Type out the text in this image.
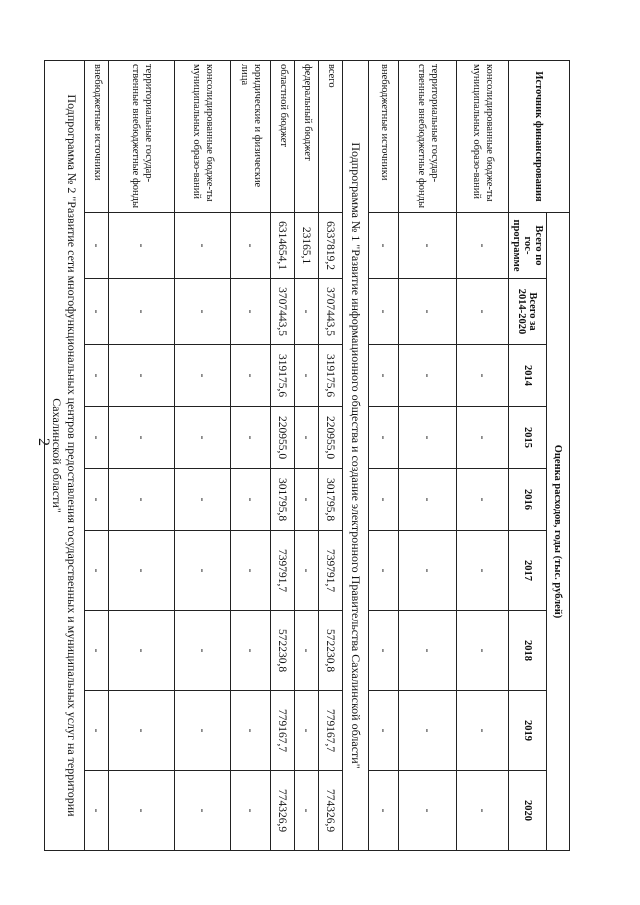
2
Источник финансирования	Оценка расходов, годы (тыс. рублей)								
	Всего по гос-программе	Всего за 2014-2020	2014	2015	2016	2017	2018	2019	2020
консолидированные бюдже-ты муниципальных образо-ваний	-	-	-	-	-	-	-	-	-
территориальные государ-ственные внебюджетные фонды	-	-	-	-	-	-	-	-	-
внебюджетные источники	-	-	-	-	-	-	-	-	-
Подпрограмма № 1 "Развитие информационного общества и создание электронного Правительства Сахалинской области"									
всего	6337819,2	3707443,5	319175,6	220955,0	301795,8	739791,7	572230,8	779167,7	774326,9
федеральный бюджет	23165,1	-	-	-	-	-	-	-	-
областной бюджет	6314654,1	3707443,5	319175,6	220955,0	301795,8	739791,7	572230,8	779167,7	774326,9
юридические и физические лица	-	-	-	-	-	-	-	-	-
консолидированные бюдже-ты муниципальных образо-ваний	-	-	-	-	-	-	-	-	-
территориальные государ-ственные внебюджетные фонды	-	-	-	-	-	-	-	-	-
внебюджетные источники	-	-	-	-	-	-	-	-	-
Подпрограмма № 2 "Развитие сети многофункциональных центров предоставления государственных и муниципальных услуг на территории Сахалинской области"									
